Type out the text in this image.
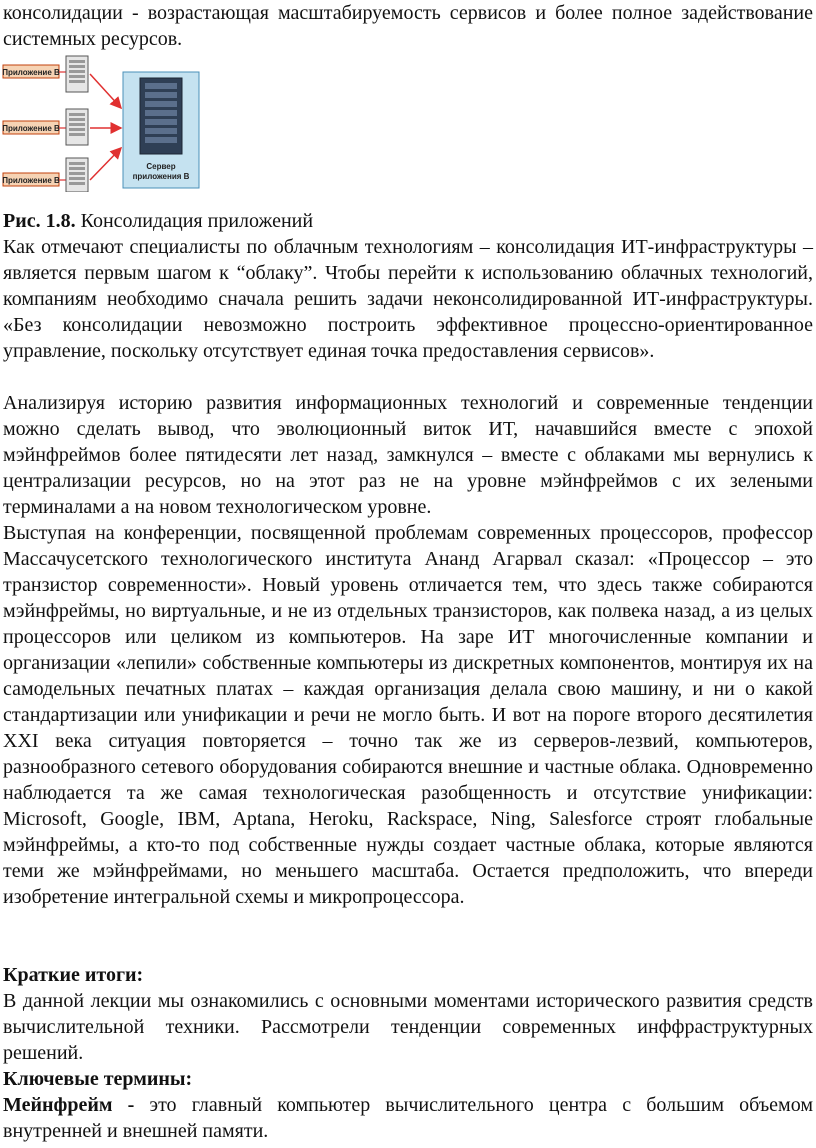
консолидации - возрастающая масштабируемость сервисов и более полное задействование системных ресурсов.

Приложение В
Приложение В
Приложение В
Сервер
приложения В

Рис. 1.8. Консолидация приложений

Как отмечают специалисты по облачным технологиям – консолидация ИТ-инфраструктуры – является первым шагом к “облаку”. Чтобы перейти к использованию облачных технологий, компаниям необходимо сначала решить задачи неконсолидированной ИТ-инфраструктуры. «Без консолидации невозможно построить эффективное процессно-ориентированное управление, поскольку отсутствует единая точка предоставления сервисов».

Анализируя историю развития информационных технологий и современные тенденции можно сделать вывод, что эволюционный виток ИТ, начавшийся вместе с эпохой мэйнфреймов более пятидесяти лет назад, замкнулся – вместе с облаками мы вернулись к централизации ресурсов, но на этот раз не на уровне мэйнфреймов с их зелеными терминалами а на новом технологическом уровне.

Выступая на конференции, посвященной проблемам современных процессоров, профессор Массачусетского технологического института Ананд Агарвал сказал: «Процессор – это транзистор современности». Новый уровень отличается тем, что здесь также собираются мэйнфреймы, но виртуальные, и не из отдельных транзисторов, как полвека назад, а из целых процессоров или целиком из компьютеров. На заре ИТ многочисленные компании и организации «лепили» собственные компьютеры из дискретных компонентов, монтируя их на самодельных печатных платах – каждая организация делала свою машину, и ни о какой стандартизации или унификации и речи не могло быть. И вот на пороге второго десятилетия XXI века ситуация повторяется – точно так же из серверов-лезвий, компьютеров, разнообразного сетевого оборудования собираются внешние и частные облака. Одновременно наблюдается та же самая технологическая разобщенность и отсутствие унификации: Microsoft, Google, IBM, Aptana, Heroku, Rackspace, Ning, Salesforce строят глобальные мэйнфреймы, а кто-то под собственные нужды создает частные облака, которые являются теми же мэйнфреймами, но меньшего масштаба. Остается предположить, что впереди изобретение интегральной схемы и микропроцессора.

Краткие итоги:

В данной лекции мы ознакомились с основными моментами исторического развития средств вычислительной техники. Рассмотрели тенденции современных инффраструктурных решений.

Ключевые термины:

Мейнфрейм - это главный компьютер вычислительного центра с большим объемом внутренней и внешней памяти.
